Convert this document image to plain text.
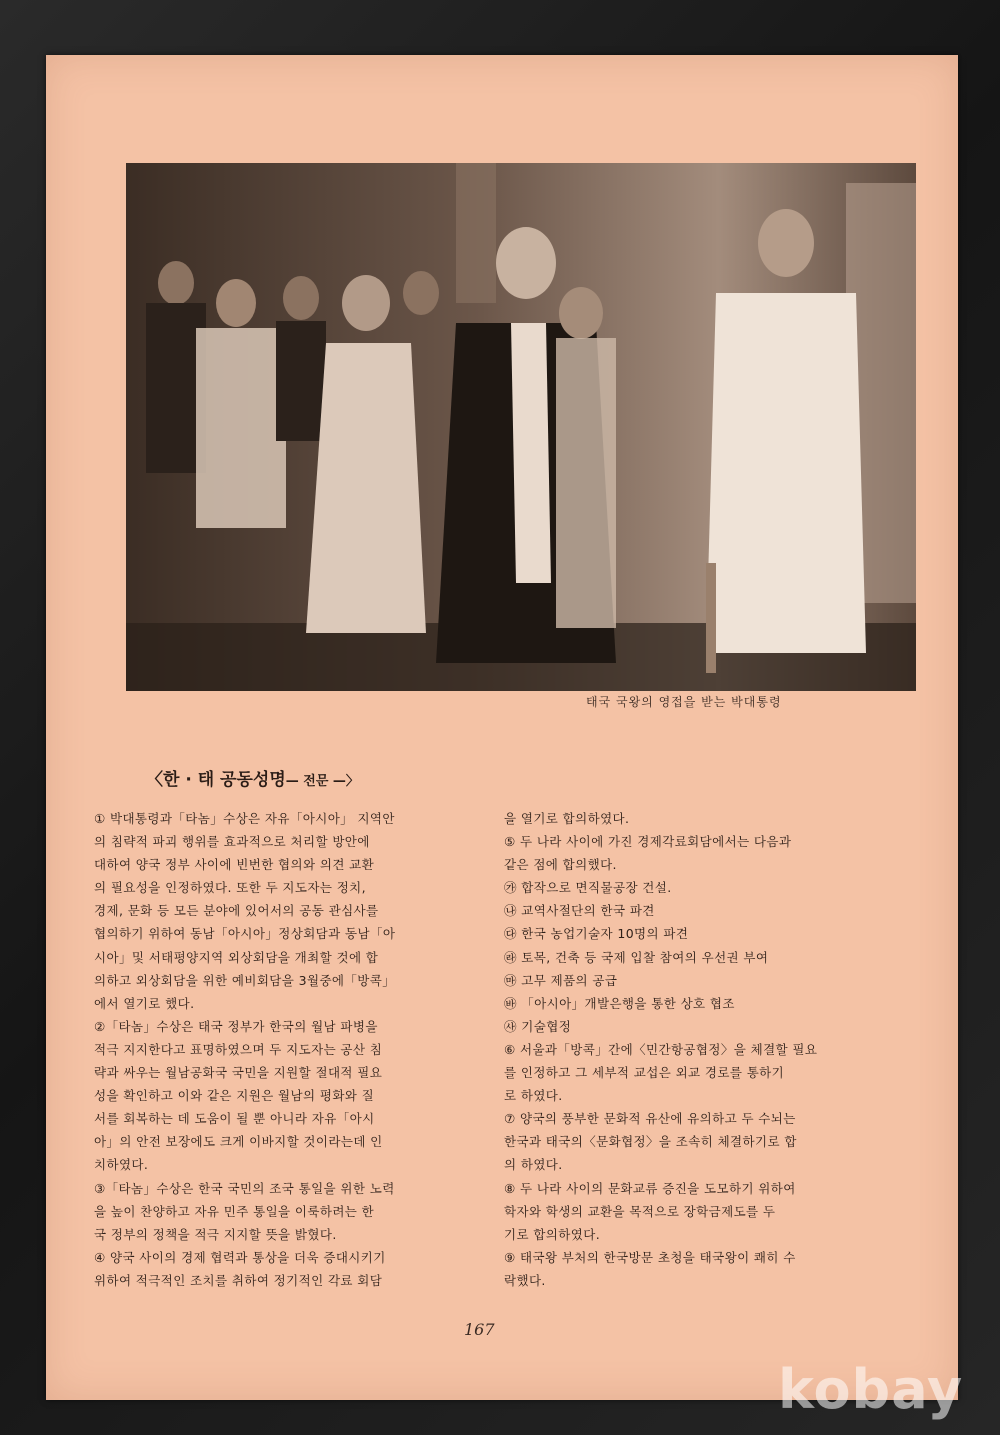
태국 국왕의 영접을 받는 박대통령
〈한 · 태 공동성명— 전문 —〉
① 박대통령과「타놈」수상은 자유「아시아」 지역안
의 침략적 파괴 행위를 효과적으로 처리할 방안에
대하여 양국 정부 사이에 빈번한 협의와 의견 교환
의 필요성을 인정하였다. 또한 두 지도자는 정치,
경제, 문화 등 모든 분야에 있어서의 공동 관심사를
협의하기 위하여 동남「아시아」정상회담과 동남「아
시아」및 서태평양지역 외상회담을 개최할 것에 합
의하고 외상회담을 위한 예비회담을 3월중에「방콕」
에서 열기로 했다.
②「타놈」수상은 태국 정부가 한국의 월남 파병을
적극 지지한다고 표명하였으며 두 지도자는 공산 침
략과 싸우는 월남공화국 국민을 지원할 절대적 필요
성을 확인하고 이와 같은 지원은 월남의 평화와 질
서를 회복하는 데 도움이 될 뿐 아니라 자유「아시
아」의 안전 보장에도 크게 이바지할 것이라는데 인
치하였다.
③「타놈」수상은 한국 국민의 조국 통일을 위한 노력
을 높이 찬양하고 자유 민주 통일을 이룩하려는 한
국 정부의 정책을 적극 지지할 뜻을 밝혔다.
④ 양국 사이의 경제 협력과 통상을 더욱 증대시키기
위하여 적극적인 조치를 취하여 정기적인 각료 회담
을 열기로 합의하였다.
⑤ 두 나라 사이에 가진 경제각료회담에서는 다음과
같은 점에 합의했다.
㉮ 합작으로 면직물공장 건설.
㉯ 교역사절단의 한국 파견
㉰ 한국 농업기술자 10명의 파견
㉱ 토목, 건축 등 국제 입찰 참여의 우선권 부여
㉲ 고무 제품의 공급
㉳ 「아시아」개발은행을 통한 상호 협조
㉴ 기술협정
⑥ 서울과「방콕」간에〈민간항공협정〉을 체결할 필요
를 인정하고 그 세부적 교섭은 외교 경로를 통하기
로 하였다.
⑦ 양국의 풍부한 문화적 유산에 유의하고 두 수뇌는
한국과 태국의〈문화협정〉을 조속히 체결하기로 합
의 하였다.
⑧ 두 나라 사이의 문화교류 증진을 도모하기 위하여
학자와 학생의 교환을 목적으로 장학금제도를 두
기로 합의하였다.
⑨ 태국왕 부처의 한국방문 초청을 태국왕이 쾌히 수
락했다.
167
kobay
